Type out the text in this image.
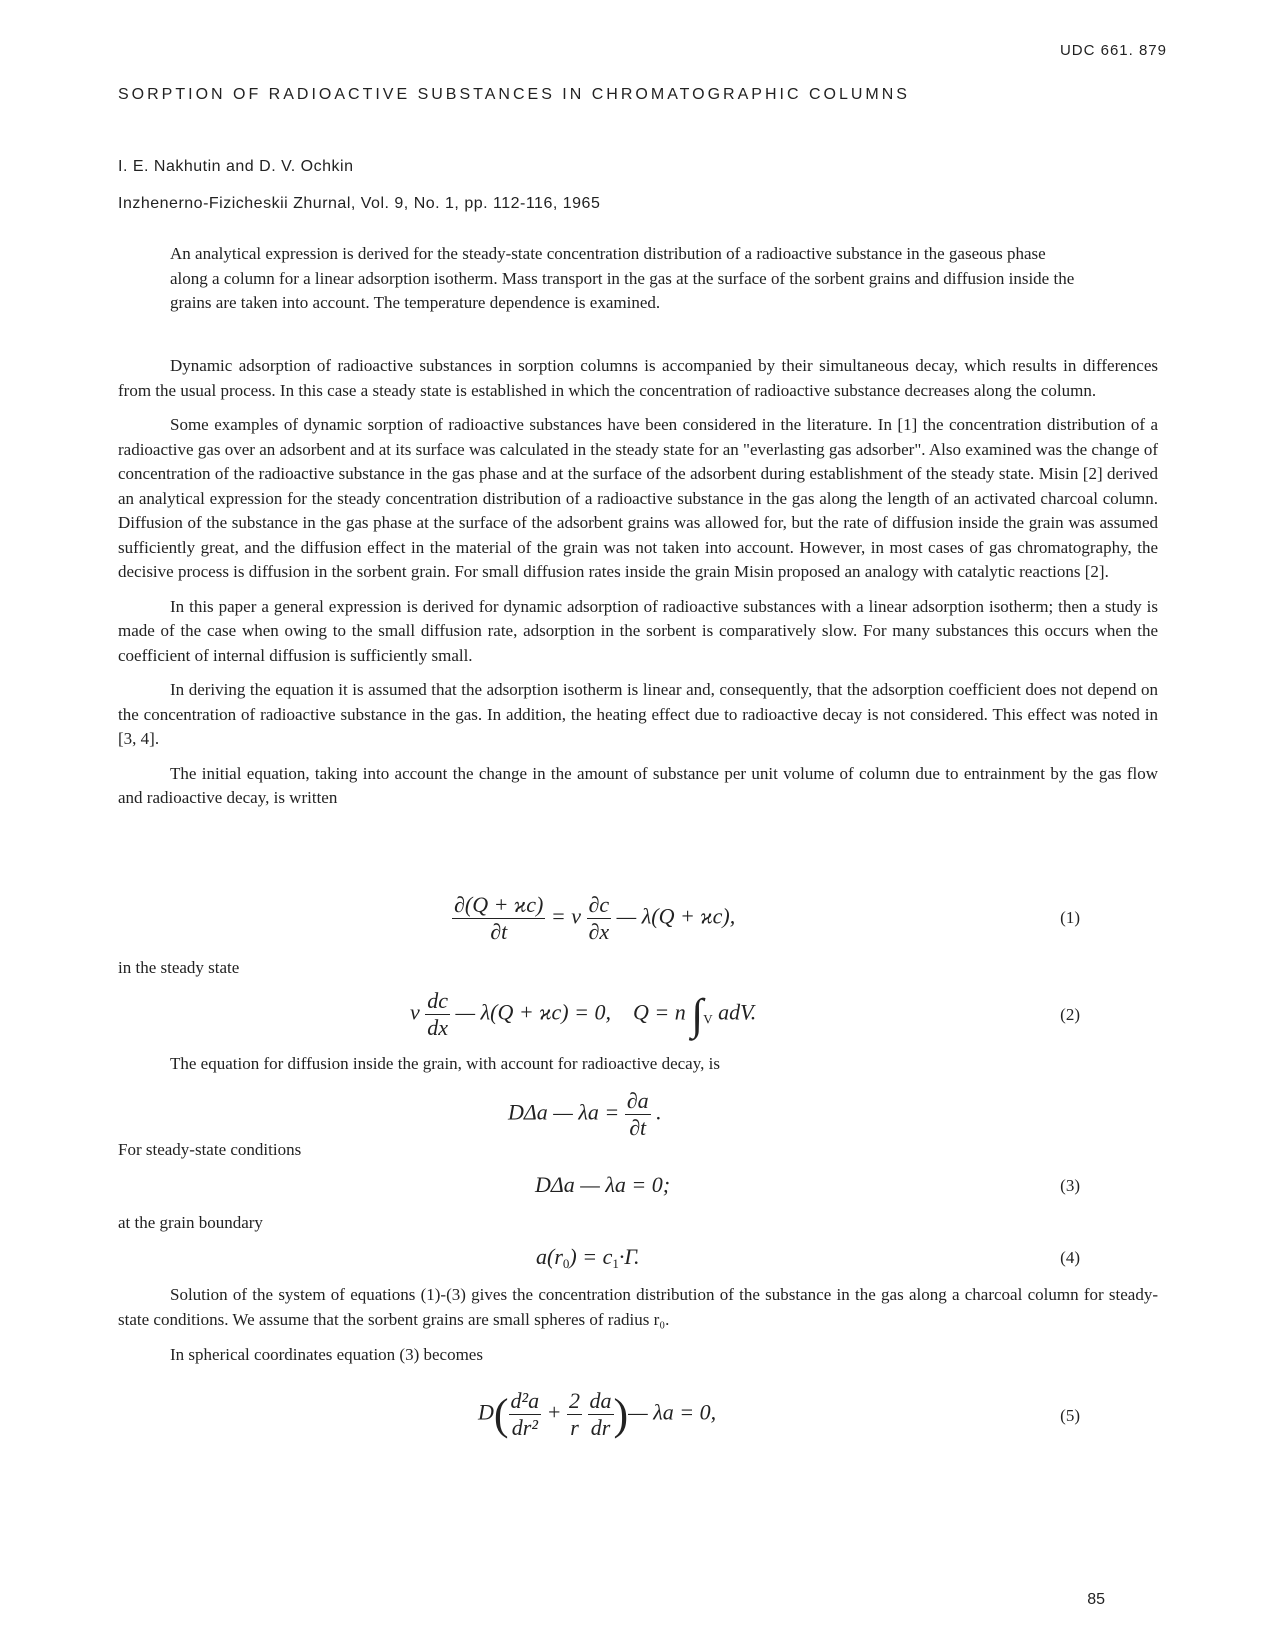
UDC 661. 879
SORPTION OF RADIOACTIVE SUBSTANCES IN CHROMATOGRAPHIC COLUMNS
I. E. Nakhutin and D. V. Ochkin
Inzhenerno-Fizicheskii Zhurnal, Vol. 9, No. 1, pp. 112-116, 1965
An analytical expression is derived for the steady-state concentration distribution of a radioactive substance in the gaseous phase along a column for a linear adsorption isotherm. Mass transport in the gas at the surface of the sorbent grains and diffusion inside the grains are taken into account. The temperature dependence is examined.

Dynamic adsorption of radioactive substances in sorption columns is accompanied by their simultaneous decay, which results in differences from the usual process. In this case a steady state is established in which the concentration of radioactive substance decreases along the column.

Some examples of dynamic sorption of radioactive substances have been considered in the literature. In [1] the concentration distribution of a radioactive gas over an adsorbent and at its surface was calculated in the steady state for an "everlasting gas adsorber". Also examined was the change of concentration of the radioactive substance in the gas phase and at the surface of the adsorbent during establishment of the steady state. Misin [2] derived an analytical expression for the steady concentration distribution of a radioactive substance in the gas along the length of an activated charcoal column. Diffusion of the substance in the gas phase at the surface of the adsorbent grains was allowed for, but the rate of diffusion inside the grain was assumed sufficiently great, and the diffusion effect in the material of the grain was not taken into account. However, in most cases of gas chromatography, the decisive process is diffusion in the sorbent grain. For small diffusion rates inside the grain Misin proposed an analogy with catalytic reactions [2].

In this paper a general expression is derived for dynamic adsorption of radioactive substances with a linear adsorption isotherm; then a study is made of the case when owing to the small diffusion rate, adsorption in the sorbent is comparatively slow. For many substances this occurs when the coefficient of internal diffusion is sufficiently small.

In deriving the equation it is assumed that the adsorption isotherm is linear and, consequently, that the adsorption coefficient does not depend on the concentration of radioactive substance in the gas. In addition, the heating effect due to radioactive decay is not considered. This effect was noted in [3, 4].

The initial equation, taking into account the change in the amount of substance per unit volume of column due to entrainment by the gas flow and radioactive decay, is written

$\frac{\partial(Q + ϰc)}{\partial t} = v \frac{\partial c}{\partial x}$ — λ(Q + ϰc),	(1)
in the steady state
v $\frac{dc}{dx}$ — λ(Q + ϰc) = 0,    Q = n $\int_V$ adV.	(2)
The equation for diffusion inside the grain, with account for radioactive decay, is
DΔa — $\lambda a = \frac{\partial a}{\partial t}$ .
For steady-state conditions
DΔa — λa = 0;	(3)
at the grain boundary
$a(r_0) = c_1\cdot\Gamma$.	(4)

Solution of the system of equations (1)-(3) gives the concentration distribution of the substance in the gas along a charcoal column for steady-state conditions. We assume that the sorbent grains are small spheres of radius r₀.

In spherical coordinates equation (3) becomes
$D( \frac{\text{d²a}}{\text{dr²}} + \frac{2}{r}$
$\frac{da}{dr}$ )— λa = 0,	(5)
85
